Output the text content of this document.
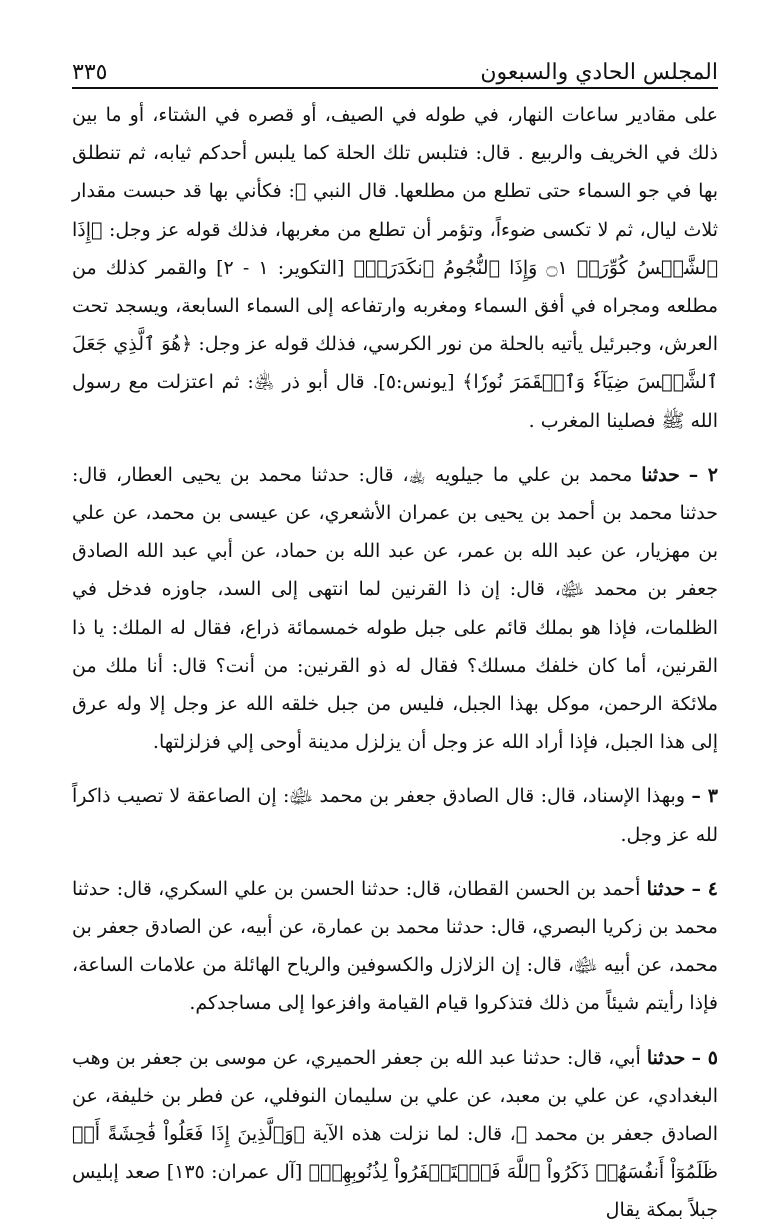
٣٣٥	المجلس الحادي والسبعون

على مقادير ساعات النهار، في طوله في الصيف، أو قصره في الشتاء، أو ما بين ذلك في الخريف والربيع . قال: فتلبس تلك الحلة كما يلبس أحدكم ثيابه، ثم تنطلق بها في جو السماء حتى تطلع من مطلعها. قال النبي ﷺ: فكأني بها قد حبست مقدار ثلاث ليال، ثم لا تكسى ضوءاً، وتؤمر أن تطلع من مغربها، فذلك قوله عز وجل: ﴿إِذَا ٱلشَّمۡسُ كُوِّرَتۡ ۝١ وَإِذَا ٱلنُّجُومُ ٱنكَدَرَتۡ﴾ [التكوير: ١ - ٢] والقمر كذلك من مطلعه ومجراه في أفق السماء ومغربه وارتفاعه إلى السماء السابعة، ويسجد تحت العرش، وجبرئيل يأتيه بالحلة من نور الكرسي، فذلك قوله عز وجل: ﴿هُوَ ٱلَّذِي جَعَلَ ٱلشَّمۡسَ ضِيَآءٗ وَٱلۡقَمَرَ نُورٗا﴾ [يونس:٥]. قال أبو ذر ﵁: ثم اعتزلت مع رسول الله ﷺ فصلينا المغرب .

٢ – حدثنا محمد بن علي ما جيلويه ﵀، قال: حدثنا محمد بن يحيى العطار، قال: حدثنا محمد بن أحمد بن يحيى بن عمران الأشعري، عن عيسى بن محمد، عن علي بن مهزيار، عن عبد الله بن عمر، عن عبد الله بن حماد، عن أبي عبد الله الصادق جعفر بن محمد ﵉، قال: إن ذا القرنين لما انتهى إلى السد، جاوزه فدخل في الظلمات، فإذا هو بملك قائم على جبل طوله خمسمائة ذراع، فقال له الملك: يا ذا القرنين، أما كان خلفك مسلك؟ فقال له ذو القرنين: من أنت؟ قال: أنا ملك من ملائكة الرحمن، موكل بهذا الجبل، فليس من جبل خلقه الله عز وجل إلا وله عرق إلى هذا الجبل، فإذا أراد الله عز وجل أن يزلزل مدينة أوحى إلي فزلزلتها.

٣ – وبهذا الإسناد، قال: قال الصادق جعفر بن محمد ﵉: إن الصاعقة لا تصيب ذاكراً لله عز وجل.

٤ – حدثنا أحمد بن الحسن القطان، قال: حدثنا الحسن بن علي السكري، قال: حدثنا محمد بن زكريا البصري، قال: حدثنا محمد بن عمارة، عن أبيه، عن الصادق جعفر بن محمد، عن أبيه ﵉، قال: إن الزلازل والكسوفين والرياح الهائلة من علامات الساعة، فإذا رأيتم شيئاً من ذلك فتذكروا قيام القيامة وافزعوا إلى مساجدكم.

٥ – حدثنا أبي، قال: حدثنا عبد الله بن جعفر الحميري، عن موسى بن جعفر بن وهب البغدادي، عن علي بن معبد، عن علي بن سليمان النوفلي، عن فطر بن خليفة، عن الصادق جعفر بن محمد ﵉، قال: لما نزلت هذه الآية ﴿وَٱلَّذِينَ إِذَا فَعَلُواْ فَٰحِشَةً أَوۡ ظَلَمُوٓاْ أَنفُسَهُمۡ ذَكَرُواْ ٱللَّهَ فَٱسۡتَغۡفَرُواْ لِذُنُوبِهِمۡ﴾ [آل عمران: ١٣٥] صعد إبليس جبلاً بمكة يقال
